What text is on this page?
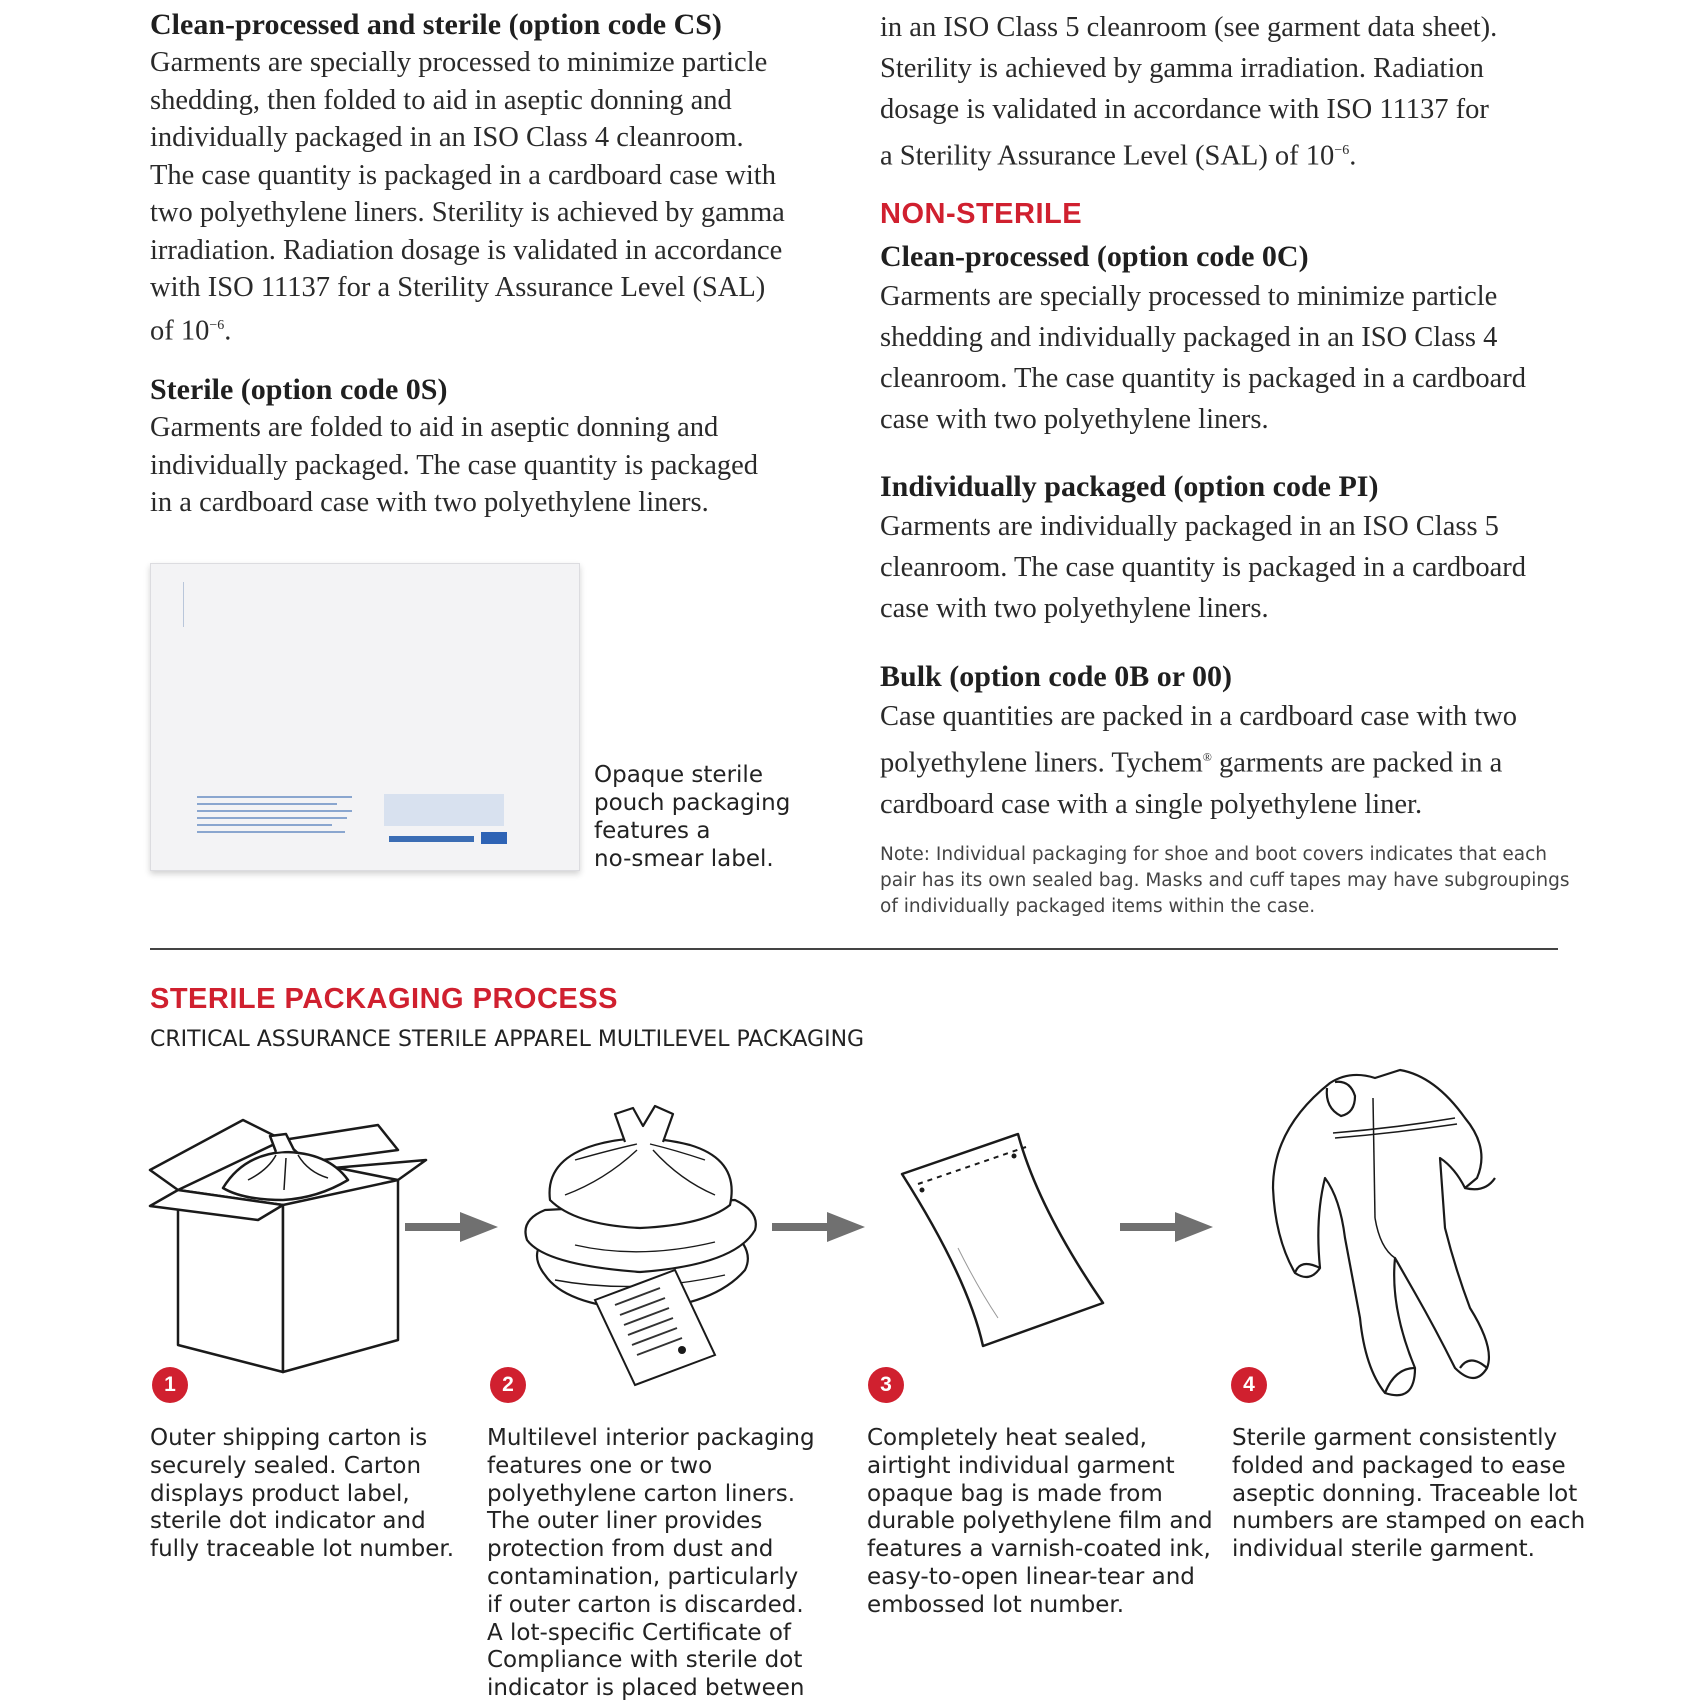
Clean-processed and sterile (option code CS)

Garments are specially processed to minimize particle

shedding, then folded to aid in aseptic donning and

individually packaged in an ISO Class 4 cleanroom.

The case quantity is packaged in a cardboard case with

two polyethylene liners. Sterility is achieved by gamma

irradiation. Radiation dosage is validated in accordance

with ISO 11137 for a Sterility Assurance Level (SAL)

of $10^{-6}$.

Sterile (option code 0S)

Garments are folded to aid in aseptic donning and

individually packaged. The case quantity is packaged

in a cardboard case with two polyethylene liners.

Opaque sterile
pouch packaging
features a
no-smear label.

in an ISO Class 5 cleanroom (see garment data sheet).

Sterility is achieved by gamma irradiation. Radiation

dosage is validated in accordance with ISO 11137 for

a Sterility Assurance Level (SAL) of $10^{-6}$.

NON-STERILE

Clean-processed (option code 0C)

Garments are specially processed to minimize particle

shedding and individually packaged in an ISO Class 4

cleanroom. The case quantity is packaged in a cardboard

case with two polyethylene liners.

Individually packaged (option code PI)

Garments are individually packaged in an ISO Class 5

cleanroom. The case quantity is packaged in a cardboard

case with two polyethylene liners.

Bulk (option code 0B or 00)

Case quantities are packed in a cardboard case with two

polyethylene liners. Tychem® garments are packed in a

cardboard case with a single polyethylene liner.

Note: Individual packaging for shoe and boot covers indicates that each
pair has its own sealed bag. Masks and cuff tapes may have subgroupings
of individually packaged items within the case.
STERILE PACKAGING PROCESS
CRITICAL ASSURANCE STERILE APPAREL MULTILEVEL PACKAGING
1	2	3	4
Outer shipping carton is
securely sealed. Carton
displays product label,
sterile dot indicator and
fully traceable lot number.
Multilevel interior packaging
features one or two
polyethylene carton liners.
The outer liner provides
protection from dust and
contamination, particularly
if outer carton is discarded.
A lot-specific Certificate of
Compliance with sterile dot
indicator is placed between
Completely heat sealed,
airtight individual garment
opaque bag is made from
durable polyethylene film and
features a varnish-coated ink,
easy-to-open linear-tear and
embossed lot number.
Sterile garment consistently
folded and packaged to ease
aseptic donning. Traceable lot
numbers are stamped on each
individual sterile garment.
